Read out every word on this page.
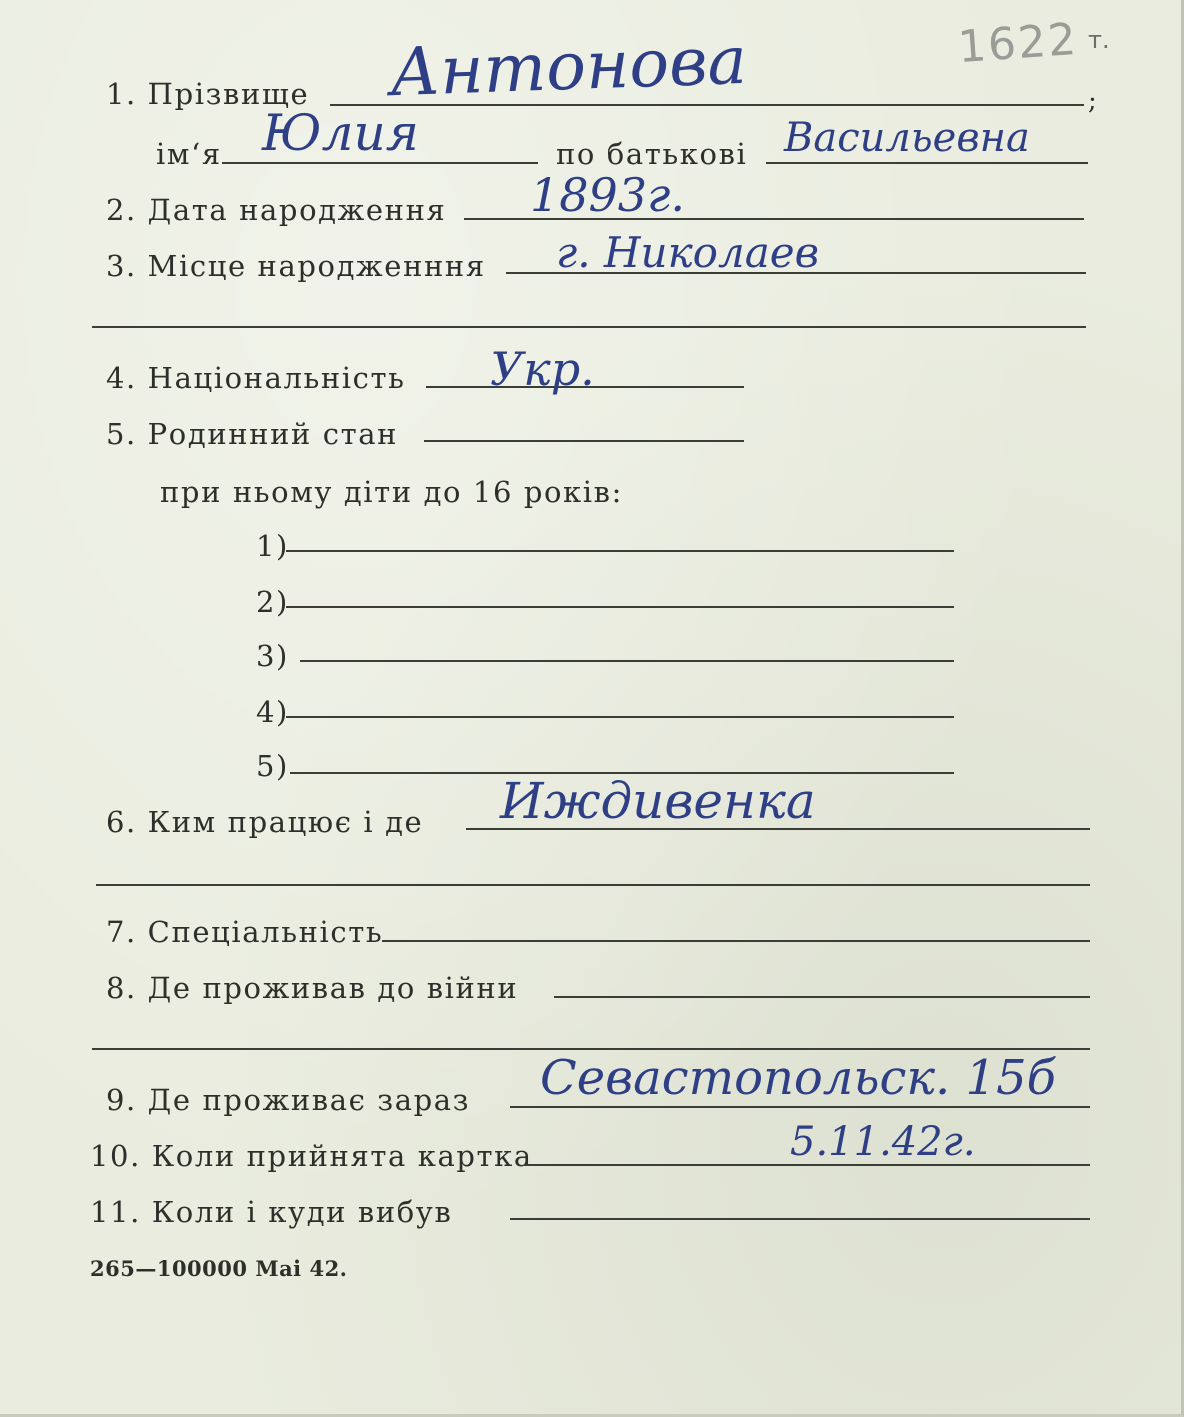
1622 т.
1. Прізвище	;
Антонова
ім‘я Юлия	по батькові Васильевна
2. Дата народження 1893г.
3. Місце народженння г. Николаев
4. Національність Укр.
5. Родинний стан
при ньому діти до 16 років:
1)
2)
3)
4)
5)
6. Ким працює і де Иждивенка
7. Спеціальність
8. Де проживав до війни
9. Де проживає зараз Севастопольск. 15б
10. Коли прийнята картка	5.11.42г.
11. Коли і куди вибув
265—100000 Mai 42.
